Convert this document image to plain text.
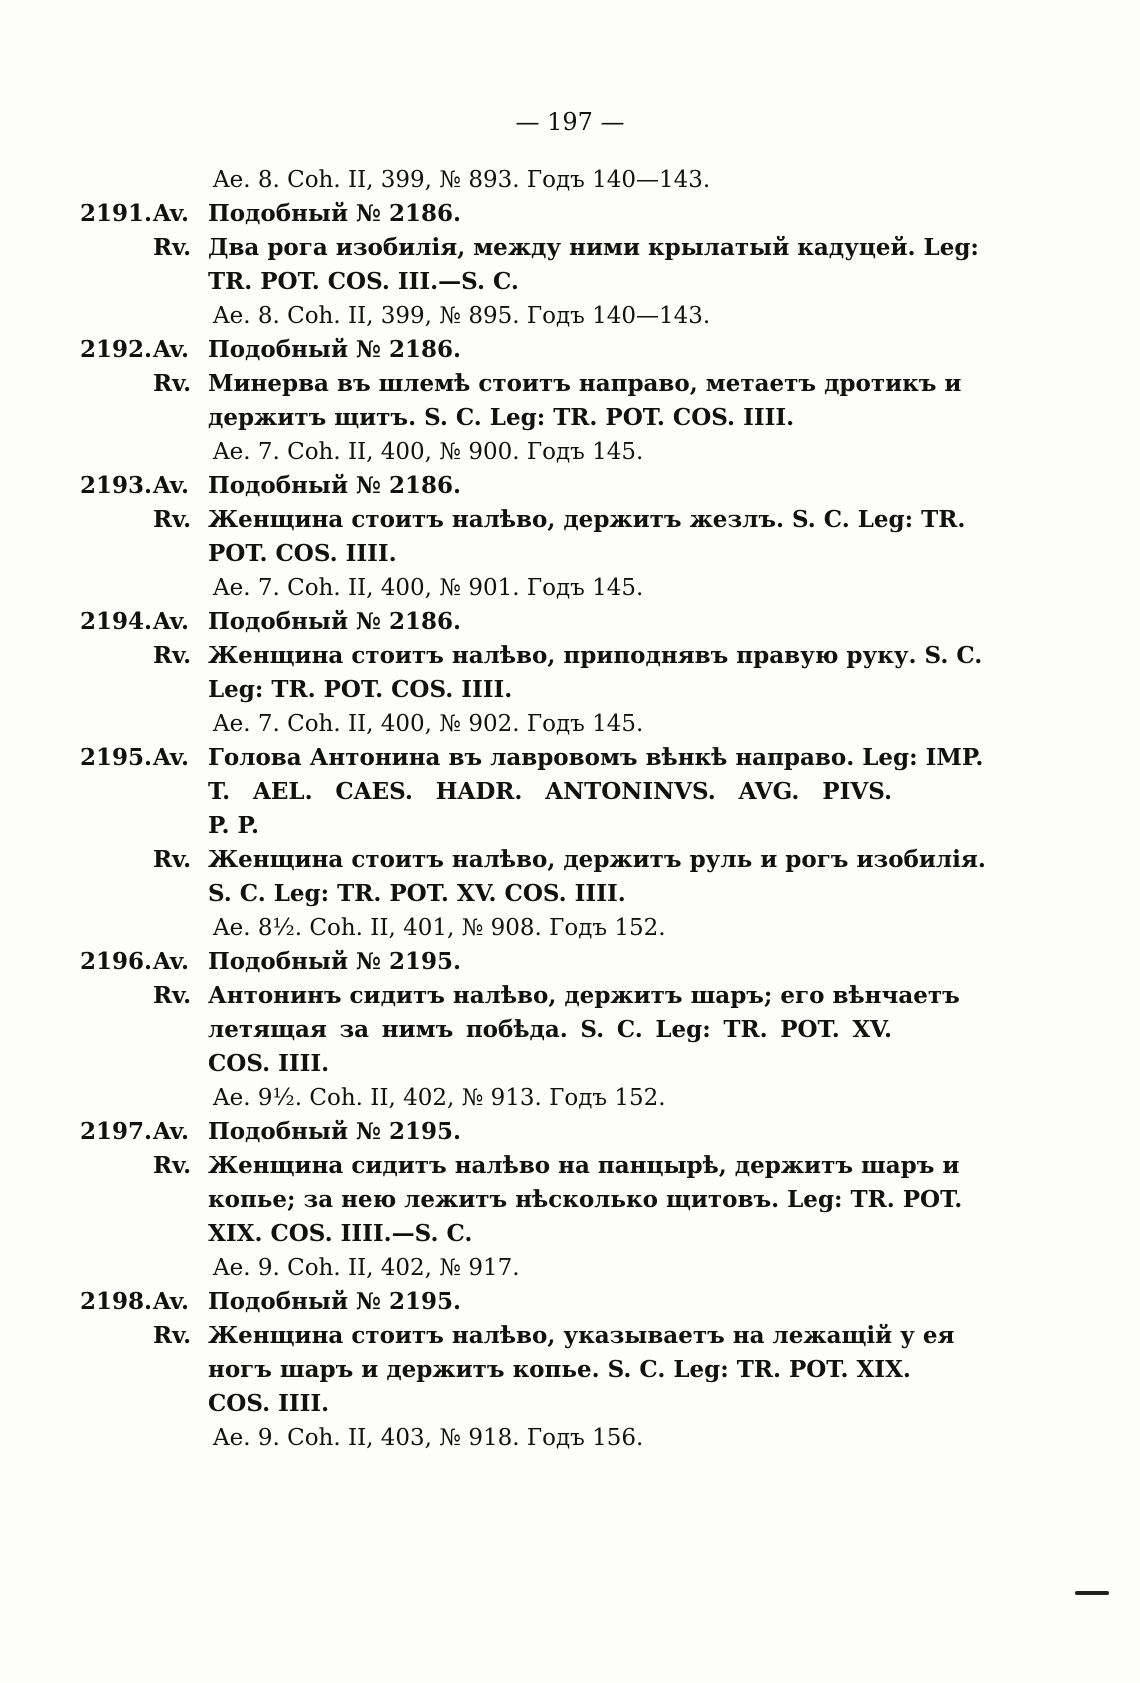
— 197 —
Ae. 8. Coh. II, 399, № 893. Годъ 140—143.
2191. Av. Подобный № 2186.
Rv. Два рога изобилія, между ними крылатый кадуцей. Leg:
TR. POT. COS. III.—S. C.
Ae. 8. Coh. II, 399, № 895. Годъ 140—143.
2192. Av. Подобный № 2186.
Rv. Минерва въ шлемѣ стоитъ направо, метаетъ дротикъ и
держитъ щитъ. S. C. Leg: TR. POT. COS. IIII.
Ae. 7. Coh. II, 400, № 900. Годъ 145.
2193. Av. Подобный № 2186.
Rv. Женщина стоитъ налѣво, держитъ жезлъ. S. C. Leg: TR.
POT. COS. IIII.
Ae. 7. Coh. II, 400, № 901. Годъ 145.
2194. Av. Подобный № 2186.
Rv. Женщина стоитъ налѣво, приподнявъ правую руку. S. C.
Leg: TR. POT. COS. IIII.
Ae. 7. Coh. II, 400, № 902. Годъ 145.
2195. Av. Голова Антонина въ лавровомъ вѣнкѣ направо. Leg: IMP.
T. AEL. CAES. HADR. ANTONINVS. AVG. PIVS.
P. P.
Rv. Женщина стоитъ налѣво, держитъ руль и рогъ изобилія.
S. C. Leg: TR. POT. XV. COS. IIII.
Ae. 8½. Coh. II, 401, № 908. Годъ 152.
2196. Av. Подобный № 2195.
Rv. Антонинъ сидитъ налѣво, держитъ шаръ; его вѣнчаетъ
летящая за нимъ побѣда. S. C. Leg: TR. POT. XV.
COS. IIII.
Ae. 9½. Coh. II, 402, № 913. Годъ 152.
2197. Av. Подобный № 2195.
Rv. Женщина сидитъ налѣво на панцырѣ, держитъ шаръ и
копье; за нею лежитъ нѣсколько щитовъ. Leg: TR. POT.
XIX. COS. IIII.—S. C.
Ae. 9. Coh. II, 402, № 917.
2198. Av. Подобный № 2195.
Rv. Женщина стоитъ налѣво, указываетъ на лежащій у ея
ногъ шаръ и держитъ копье. S. C. Leg: TR. POT. XIX.
COS. IIII.
Ae. 9. Coh. II, 403, № 918. Годъ 156.
